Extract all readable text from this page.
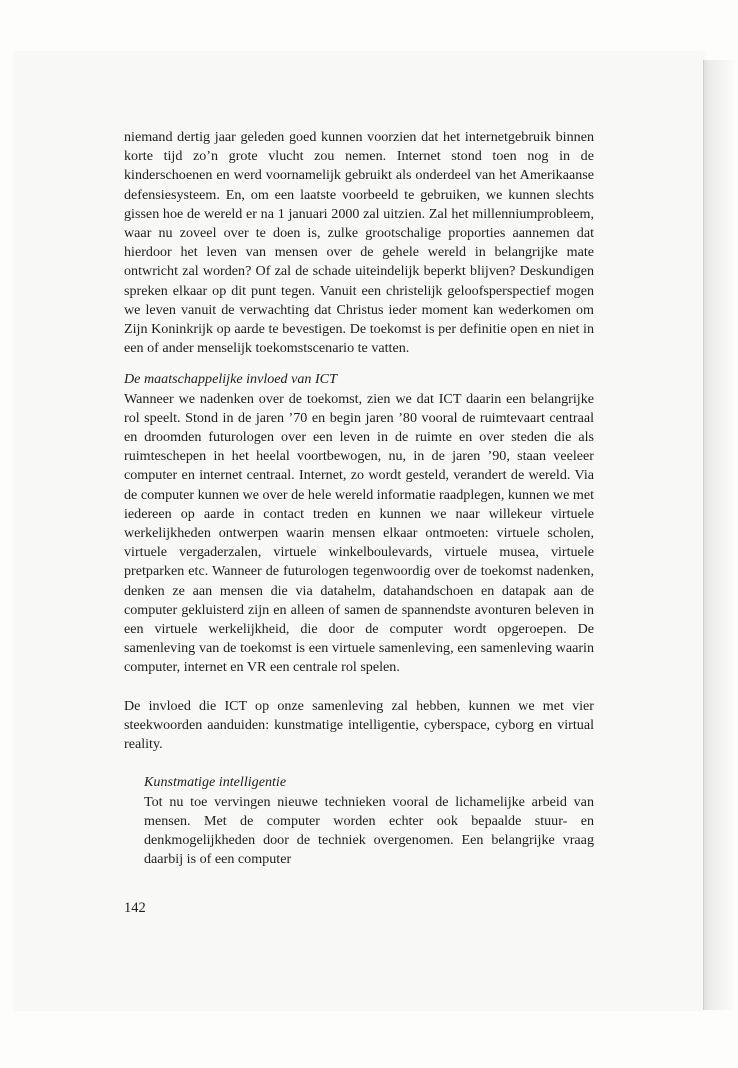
niemand dertig jaar geleden goed kunnen voorzien dat het internetgebruik binnen korte tijd zo’n grote vlucht zou nemen. Internet stond toen nog in de kinderschoenen en werd voornamelijk gebruikt als onderdeel van het Amerikaanse defensiesysteem. En, om een laatste voorbeeld te gebruiken, we kunnen slechts gissen hoe de wereld er na 1 januari 2000 zal uitzien. Zal het millenniumprobleem, waar nu zoveel over te doen is, zulke grootschalige proporties aannemen dat hierdoor het leven van mensen over de gehele wereld in belangrijke mate ontwricht zal worden? Of zal de schade uiteindelijk beperkt blijven? Deskundigen spreken elkaar op dit punt tegen. Vanuit een christelijk geloofsperspectief mogen we leven vanuit de verwachting dat Christus ieder moment kan wederkomen om Zijn Koninkrijk op aarde te bevestigen. De toekomst is per definitie open en niet in een of ander menselijk toekomstscenario te vatten.

De maatschappelijke invloed van ICT

Wanneer we nadenken over de toekomst, zien we dat ICT daarin een belangrijke rol speelt. Stond in de jaren ’70 en begin jaren ’80 vooral de ruimtevaart centraal en droomden futurologen over een leven in de ruimte en over steden die als ruimteschepen in het heelal voortbewogen, nu, in de jaren ’90, staan veeleer computer en internet centraal. Internet, zo wordt gesteld, verandert de wereld. Via de computer kunnen we over de hele wereld informatie raadplegen, kunnen we met iedereen op aarde in contact treden en kunnen we naar willekeur virtuele werkelijkheden ontwerpen waarin mensen elkaar ontmoeten: virtuele scholen, virtuele vergaderzalen, virtuele winkelboulevards, virtuele musea, virtuele pretparken etc. Wanneer de futurologen tegenwoordig over de toekomst nadenken, denken ze aan mensen die via datahelm, datahandschoen en datapak aan de computer gekluisterd zijn en alleen of samen de spannendste avonturen beleven in een virtuele werkelijkheid, die door de computer wordt opgeroepen. De samenleving van de toekomst is een virtuele samenleving, een samenleving waarin computer, internet en VR een centrale rol spelen.

De invloed die ICT op onze samenleving zal hebben, kunnen we met vier steekwoorden aanduiden: kunstmatige intelligentie, cyberspace, cyborg en virtual reality.

Kunstmatige intelligentie

Tot nu toe vervingen nieuwe technieken vooral de lichamelijke arbeid van mensen. Met de computer worden echter ook bepaalde stuur- en denkmogelijkheden door de techniek overgenomen. Een belangrijke vraag daarbij is of een computer

142
